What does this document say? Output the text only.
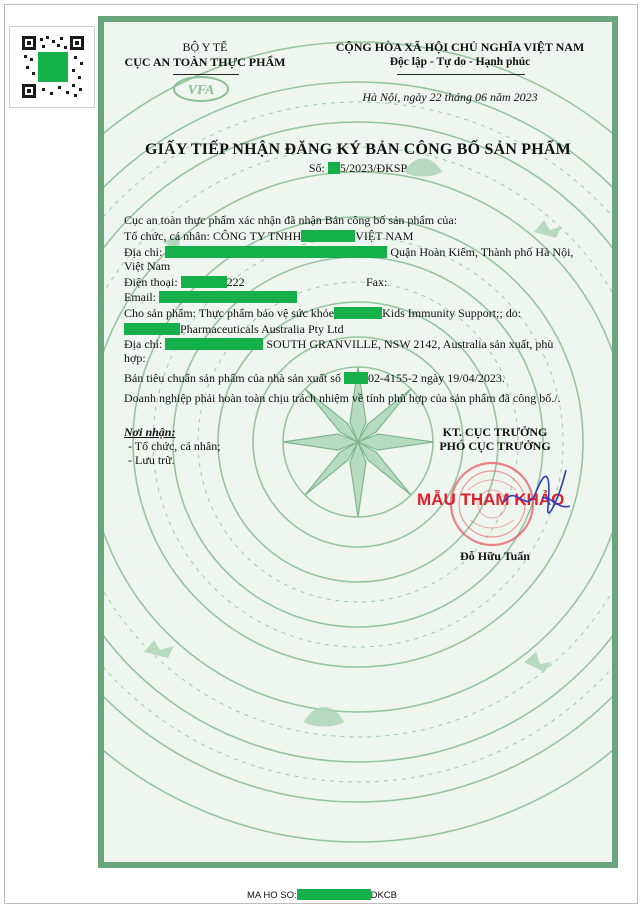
BỘ Y TẾ
CỤC AN TOÀN THỰC PHẨM
VFA
CỘNG HÒA XÃ HỘI CHỦ NGHĨA VIỆT NAM
Độc lập - Tự do - Hạnh phúc
Hà Nội, ngày 22 tháng 06 năm 2023
GIẤY TIẾP NHẬN ĐĂNG KÝ BẢN CÔNG BỐ SẢN PHẨM
Số: 5/2023/ĐKSP
Cục an toàn thực phẩm xác nhận đã nhận Bản công bố sản phẩm của:
Tổ chức, cá nhân: CÔNG TY TNHH	VIỆT NAM
Địa chỉ:	Quận Hoàn Kiếm, Thành phố Hà Nội,
Việt Nam
Điện thoại:	222	Fax:
Email:
Cho sản phẩm: Thực phẩm bảo vệ sức khỏe	Kids Immunity Support;; do:
Pharmaceuticals Australia Pty Ltd
Địa chỉ:	SOUTH GRANVILLE, NSW 2142, Australia sản xuất, phù
hợp:
Bản tiêu chuẩn sản phẩm của nhà sản xuất số 02-4155-2 ngày 19/04/2023.
Doanh nghiệp phải hoàn toàn chịu trách nhiệm về tính phù hợp của sản phẩm đã công bố./.
Nơi nhận:
- Tổ chức, cá nhân;
- Lưu trữ.
KT. CỤC TRƯỞNG
PHÓ CỤC TRƯỞNG
MẪU THAM KHẢO
Đỗ Hữu Tuấn
MA HO SO:	DKCB
